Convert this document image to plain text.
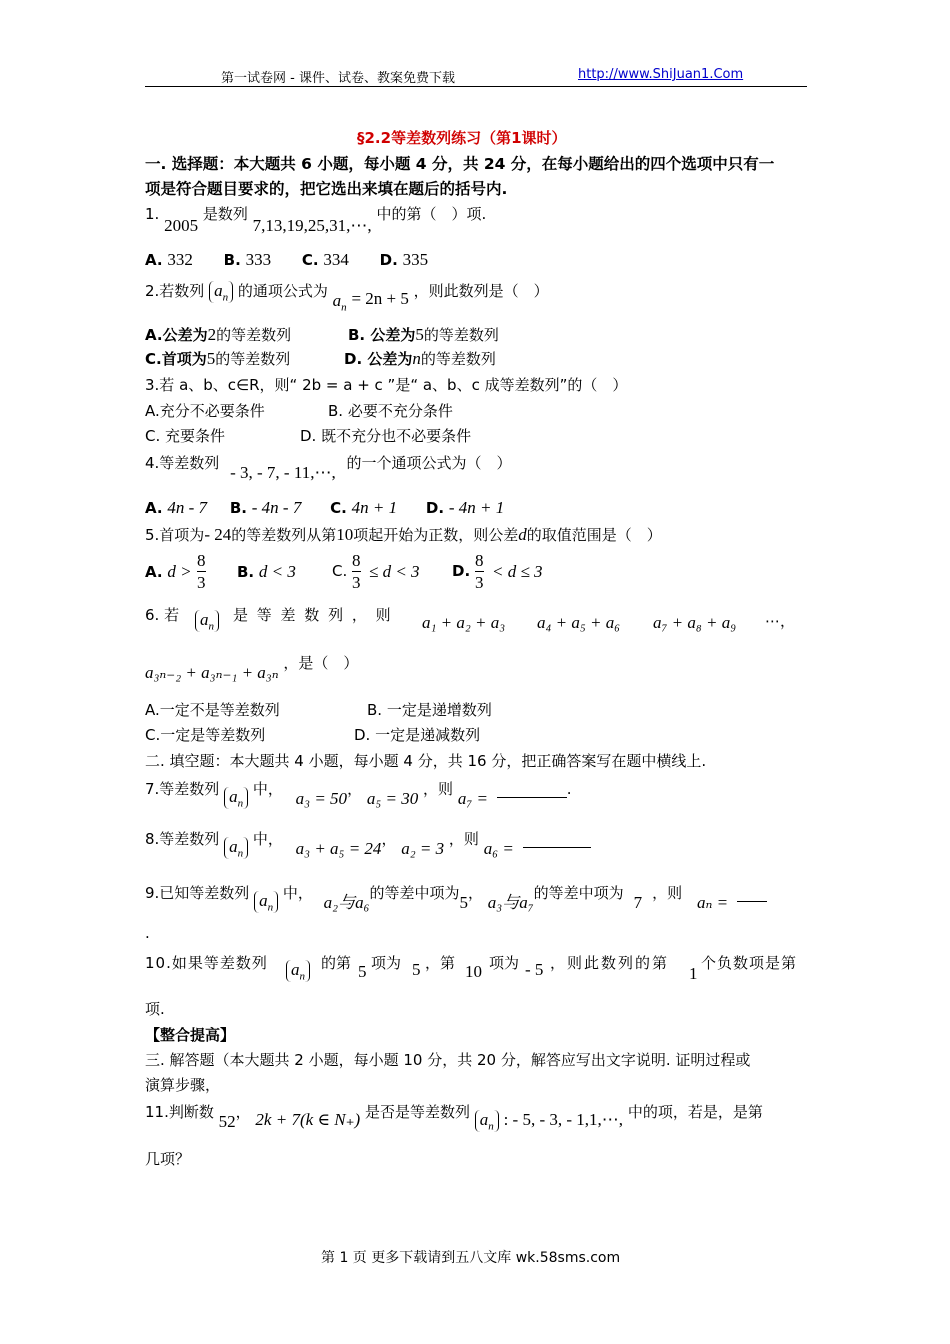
第一试卷网 - 课件、试卷、教案免费下载	http://www.ShiJuan1.Com
§2.2等差数列练习（第1课时）
一. 选择题：本大题共 6 小题，每小题 4 分，共 24 分，在每小题给出的四个选项中只有一
项是符合题目要求的，把它选出来填在题后的括号内.
1. 2005 是数列 7,13,19,25,31,⋯, 中的第（　）项.
A. 332 B. 333 C. 334 D. 335
2.若数列 $a_n$ 的通项公式为 $a_n = 2n + 5$ ，则此数列是（　）
A.公差为2的等差数列	B. 公差为5的等差数列
C.首项为5的等差数列	D. 公差为n的等差数列
3.若 a、b、c∈R，则“ 2b = a + c ”是“ a、b、c 成等差数列”的（　）
A.充分不必要条件	B. 必要不充分条件
C. 充要条件	D. 既不充分也不必要条件
4.等差数列 - 3, - 7, - 11,⋯, 的一个通项公式为（　）
A. 4n - 7 B. - 4n - 7 C. 4n + 1 D. - 4n + 1
5.首项为- 24的等差数列从第10项起开始为正数，则公差d的取值范围是（　）
A. d >
8
3
B. d < 3 C.
8
3
≤ d < 3 D.
8
3
< d ≤ 3
6. 若 $a_n$
是 等 差 数 列 ， 则 a₁ + a₂ + a₃ a₄ + a₅ + a₆ a₇ + a₈ + a₉ ⋯，
a₃ₙ₋₂ + a₃ₙ₋₁ + a₃ₙ ，是（　）
A.一定不是等差数列	B. 一定是递增数列
C.一定是等差数列	D. 一定是递减数列
二. 填空题：本大题共 4 小题，每小题 4 分，共 16 分，把正确答案写在题中横线上.
7.等差数列 $a_n$ 中， a₃ = 50， a₅ = 30 ，则 a₇ =	.
8.等差数列 $a_n$ 中， a₃ + a₅ = 24， a₂ = 3 ，则 a₆ =
9.已知等差数列 $a_n$ 中， a₂与a₆的等差中项为5， a₃与a₇的等差中项为 7 ，则 aₙ =
.
10.如果等差数列 $a_n$
的第 5 项为 5 ，第 10 项为 - 5 ，则此数列的第
1
个负数项是第
项.
【整合提高】
三. 解答题（本大题共 2 小题，每小题 10 分，共 20 分，解答应写出文字说明. 证明过程或
演算步骤，
11.判断数 52， 2k + 7(k ∈ N₊) 是否是等差数列 $a_n$ : - 5, - 3, - 1,1,⋯, 中的项，若是，是第
几项？
第 1 页 更多下载请到五八文库 wk.58sms.com
